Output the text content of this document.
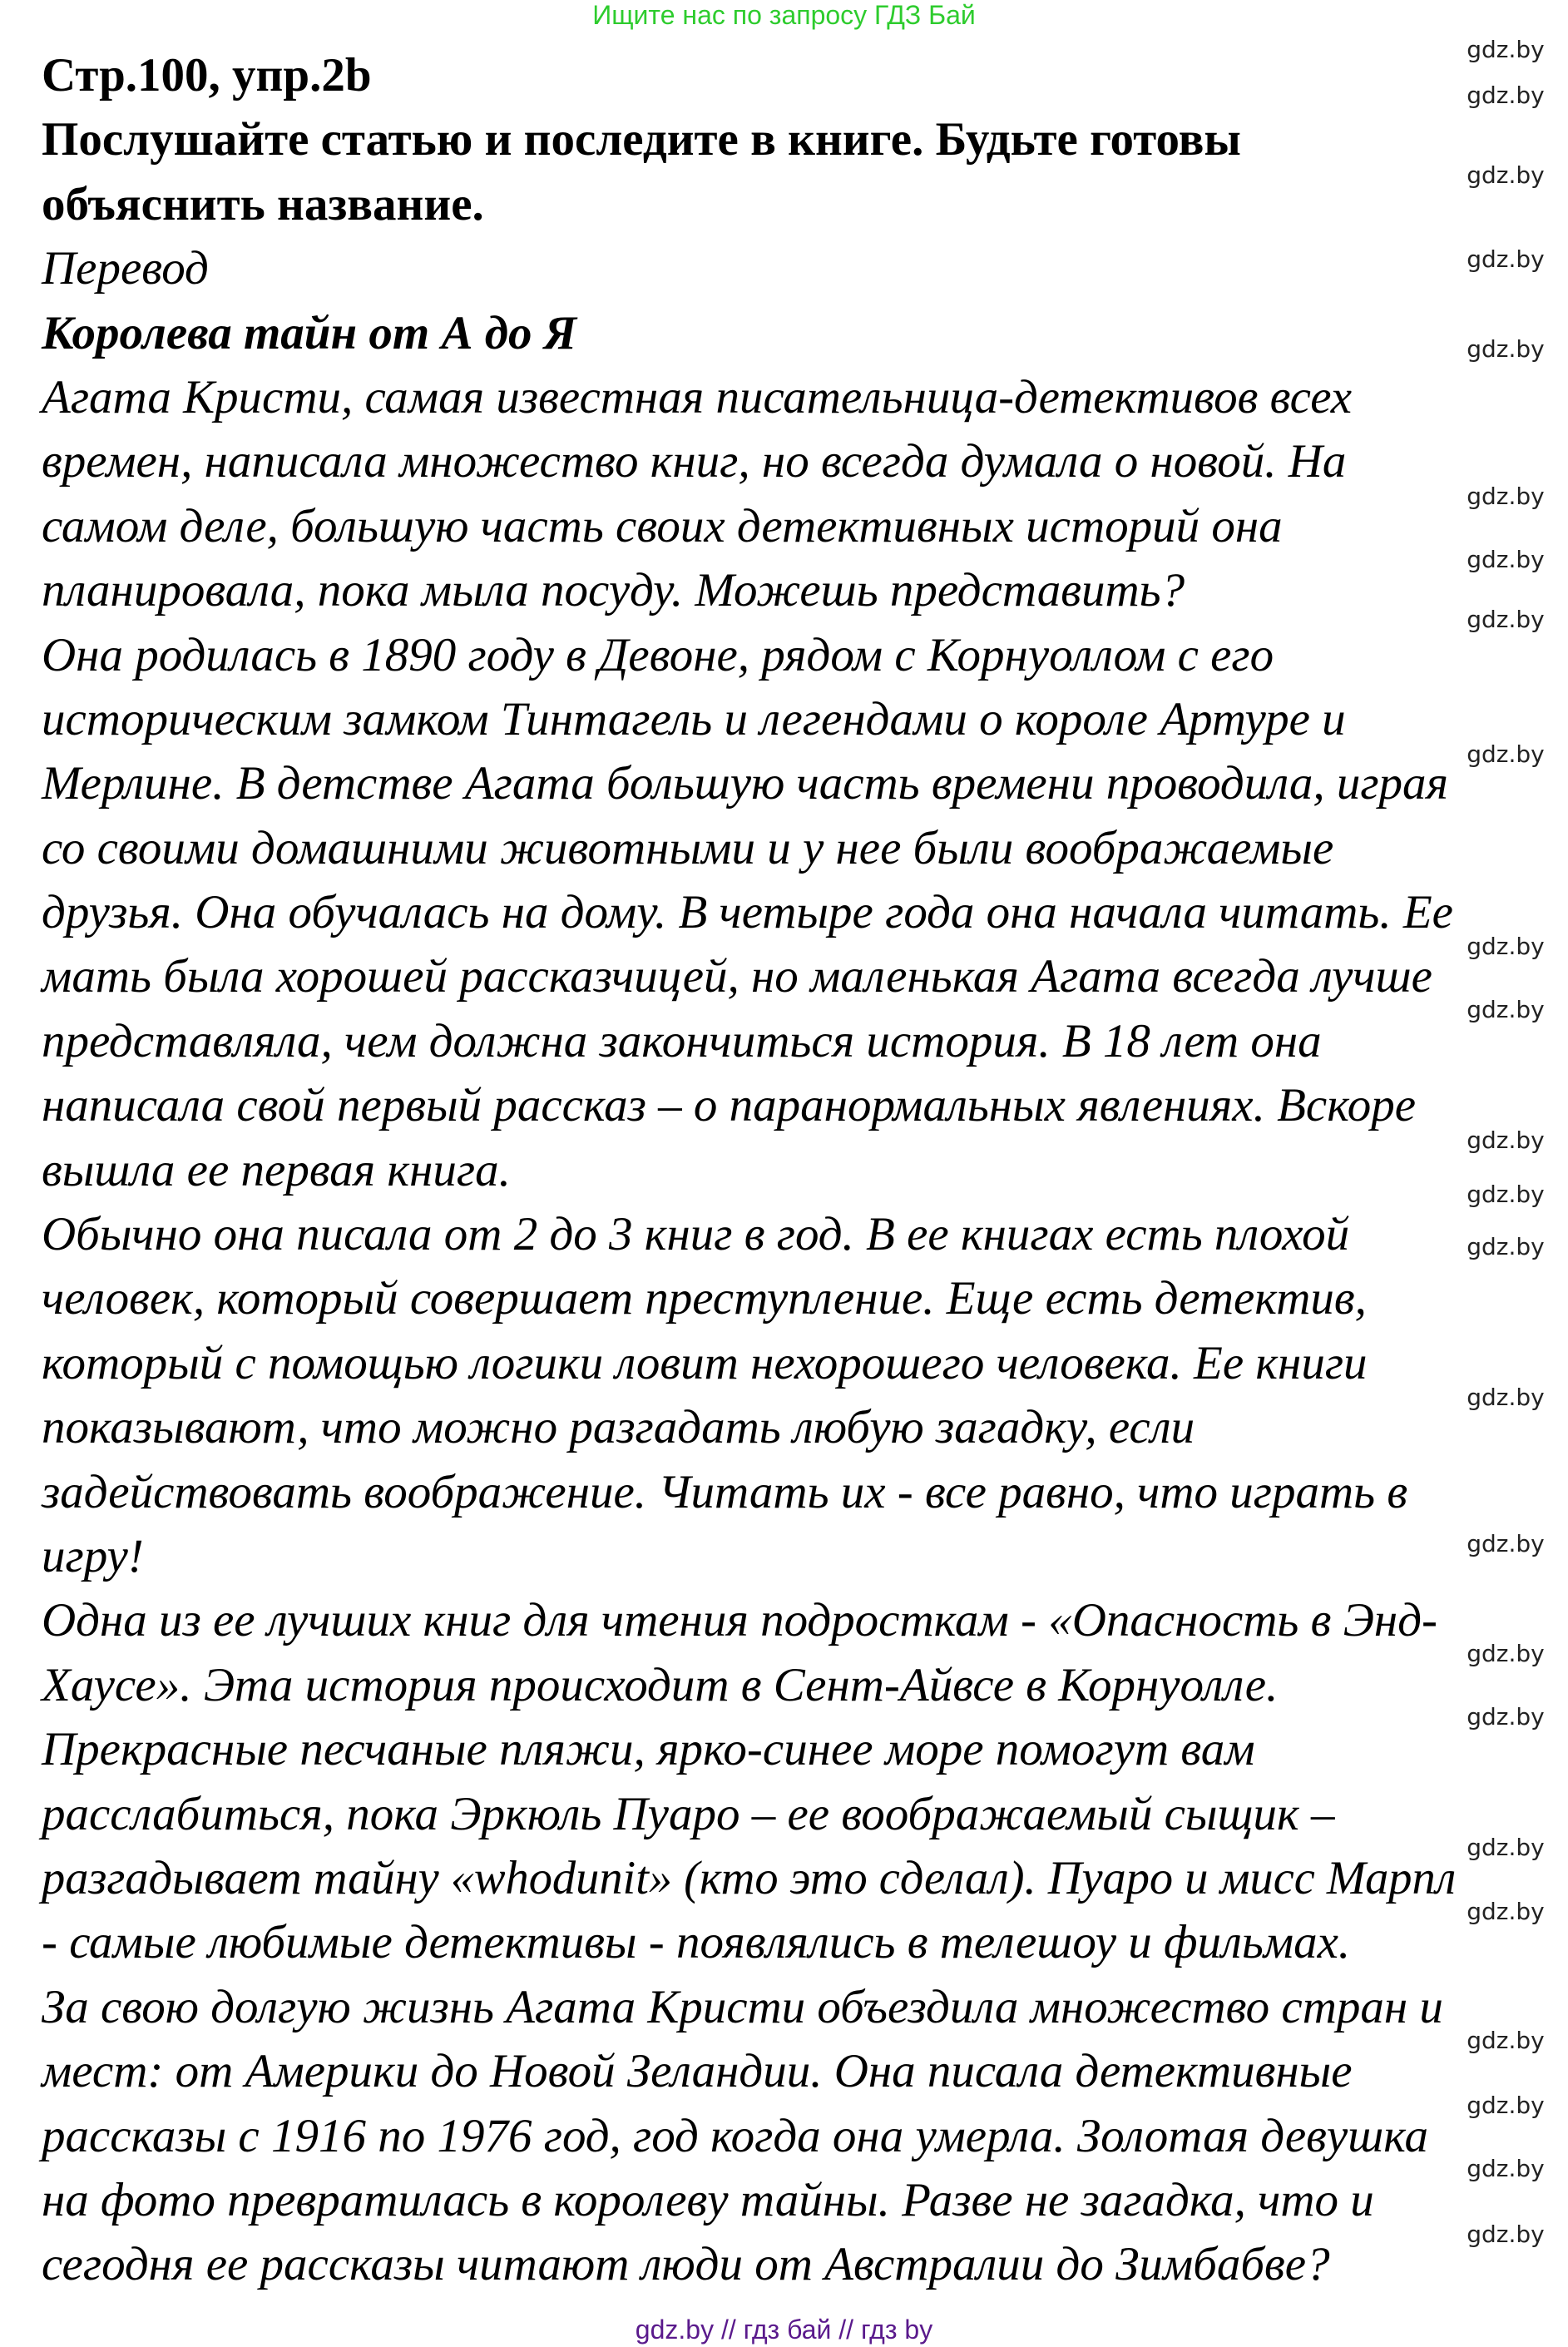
Ищите нас по запросу ГДЗ Бай
Стр.100, упр.2b
Послушайте статью и последите в книге. Будьте готовы
объяснить название.
Перевод
Королева тайн от А до Я
Агата Кристи, самая известная писательница-детективов всех
времен, написала множество книг, но всегда думала о новой. На
самом деле, большую часть своих детективных историй она
планировала, пока мыла посуду. Можешь представить?
Она родилась в 1890 году в Девоне, рядом с Корнуоллом с его
историческим замком Тинтагель и легендами о короле Артуре и
Мерлине. В детстве Агата большую часть времени проводила, играя
со своими домашними животными и у нее были воображаемые
друзья. Она обучалась на дому. В четыре года она начала читать. Ее
мать была хорошей рассказчицей, но маленькая Агата всегда лучше
представляла, чем должна закончиться история. В 18 лет она
написала свой первый рассказ – о паранормальных явлениях. Вскоре
вышла ее первая книга.
Обычно она писала от 2 до 3 книг в год. В ее книгах есть плохой
человек, который совершает преступление. Еще есть детектив,
который с помощью логики ловит нехорошего человека. Ее книги
показывают, что можно разгадать любую загадку, если
задействовать воображение. Читать их - все равно, что играть в
игру!
Одна из ее лучших книг для чтения подросткам - «Опасность в Энд-
Хаусе». Эта история происходит в Сент-Айвсе в Корнуолле.
Прекрасные песчаные пляжи, ярко-синее море помогут вам
расслабиться, пока Эркюль Пуаро – ее воображаемый сыщик –
разгадывает тайну «whodunit» (кто это сделал). Пуаро и мисс Марпл
- самые любимые детективы - появлялись в телешоу и фильмах.
За свою долгую жизнь Агата Кристи объездила множество стран и
мест: от Америки до Новой Зеландии. Она писала детективные
рассказы с 1916 по 1976 год, год когда она умерла. Золотая девушка
на фото превратилась в королеву тайны. Разве не загадка, что и
сегодня ее рассказы читают люди от Австралии до Зимбабве?
gdz.by
gdz.by
gdz.by
gdz.by
gdz.by
gdz.by
gdz.by
gdz.by
gdz.by
gdz.by
gdz.by
gdz.by
gdz.by
gdz.by
gdz.by
gdz.by
gdz.by
gdz.by
gdz.by
gdz.by
gdz.by
gdz.by
gdz.by
gdz.by
gdz.by // гдз бай // гдз by
